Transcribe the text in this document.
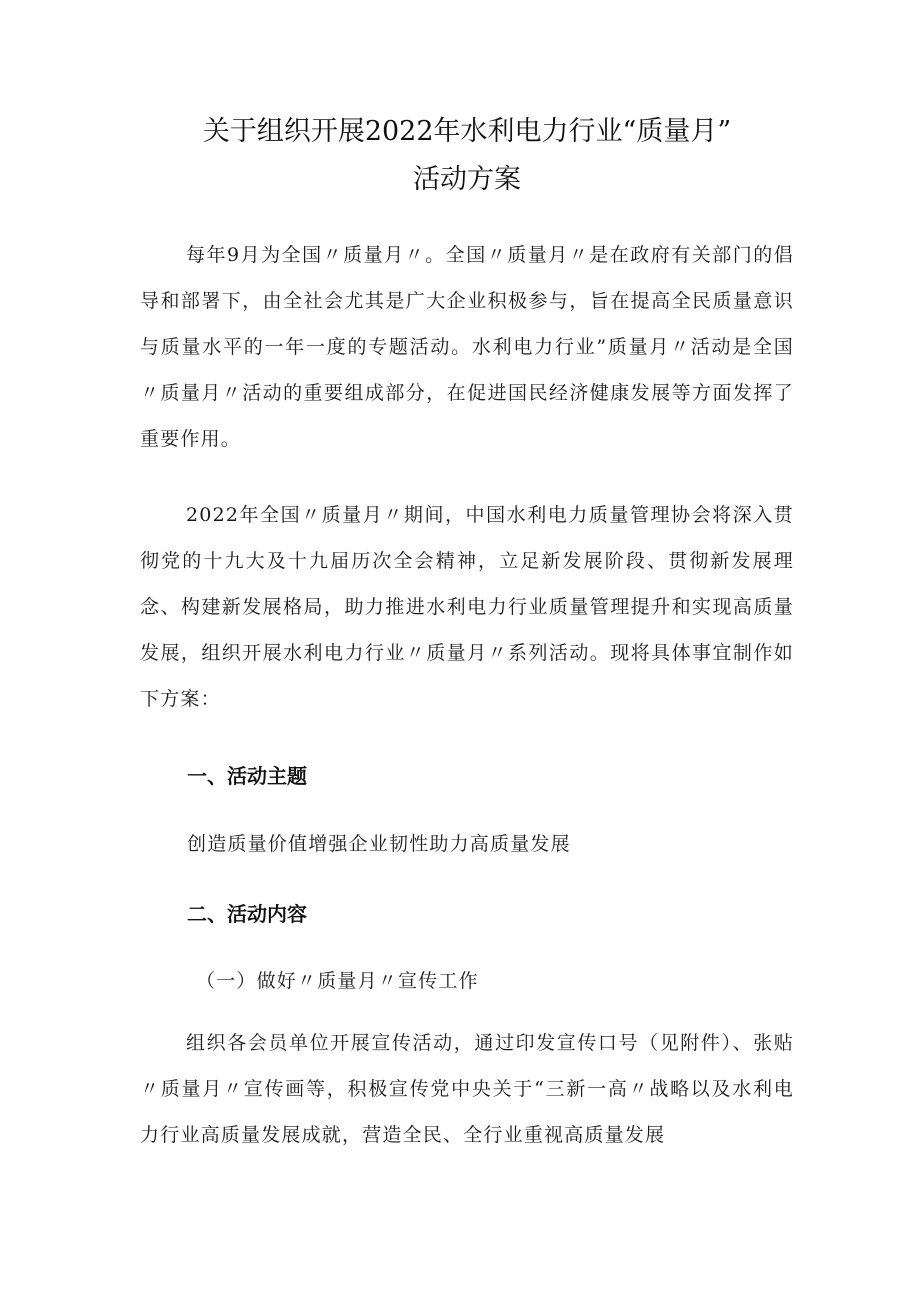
关于组织开展2022年水利电力行业“质量月”
活动方案

每年9月为全国〃质量月〃。全国〃质量月〃是在政府有关部门的倡导和部署下，由全社会尤其是广大企业积极参与，旨在提高全民质量意识与质量水平的一年一度的专题活动。水利电力行业”质量月〃活动是全国〃质量月〃活动的重要组成部分，在促进国民经济健康发展等方面发挥了重要作用。

2022年全国〃质量月〃期间，中国水利电力质量管理协会将深入贯彻党的十九大及十九届历次全会精神，立足新发展阶段、贯彻新发展理念、构建新发展格局，助力推进水利电力行业质量管理提升和实现高质量发展，组织开展水利电力行业〃质量月〃系列活动。现将具体事宜制作如下方案：

一、活动主题
创造质量价值增强企业韧性助力高质量发展
二、活动内容
（一）做好〃质量月〃宣传工作

组织各会员单位开展宣传活动，通过印发宣传口号（见附件）、张贴〃质量月〃宣传画等，积极宣传党中央关于“三新一高〃战略以及水利电力行业高质量发展成就，营造全民、全行业重视高质量发展
